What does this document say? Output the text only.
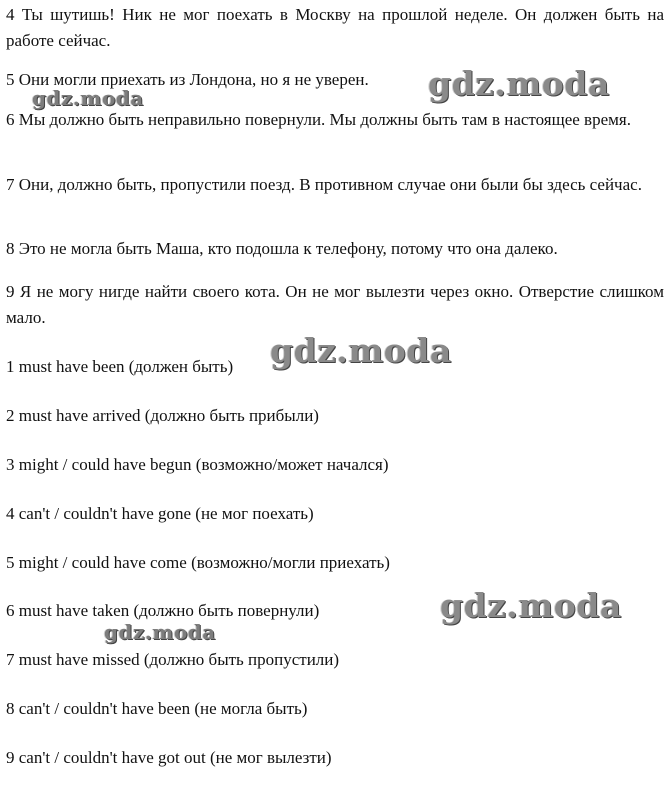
4 Ты шутишь! Ник не мог поехать в Москву на прошлой неделе. Он должен быть на работе сейчас.

5 Они могли приехать из Лондона, но я не уверен.

6 Мы должно быть неправильно повернули. Мы должны быть там в настоящее время.

7 Они, должно быть, пропустили поезд. В противном случае они были бы здесь сейчас.

8 Это не могла быть Маша, кто подошла к телефону, потому что она далеко.

9 Я не могу нигде найти своего кота. Он не мог вылезти через окно. Отверстие слишком мало.

1 must have been (должен быть)

2 must have arrived (должно быть прибыли)

3 might / could have begun (возможно/может начался)

4 can't / couldn't have gone (не мог поехать)

5 might / could have come (возможно/могли приехать)

6 must have taken (должно быть повернули)

7 must have missed (должно быть пропустили)

8 can't / couldn't have been (не могла быть)

9 can't / couldn't have got out (не мог вылезти)

gdz.moda
gdz.moda
gdz.moda
gdz.moda
gdz.moda
